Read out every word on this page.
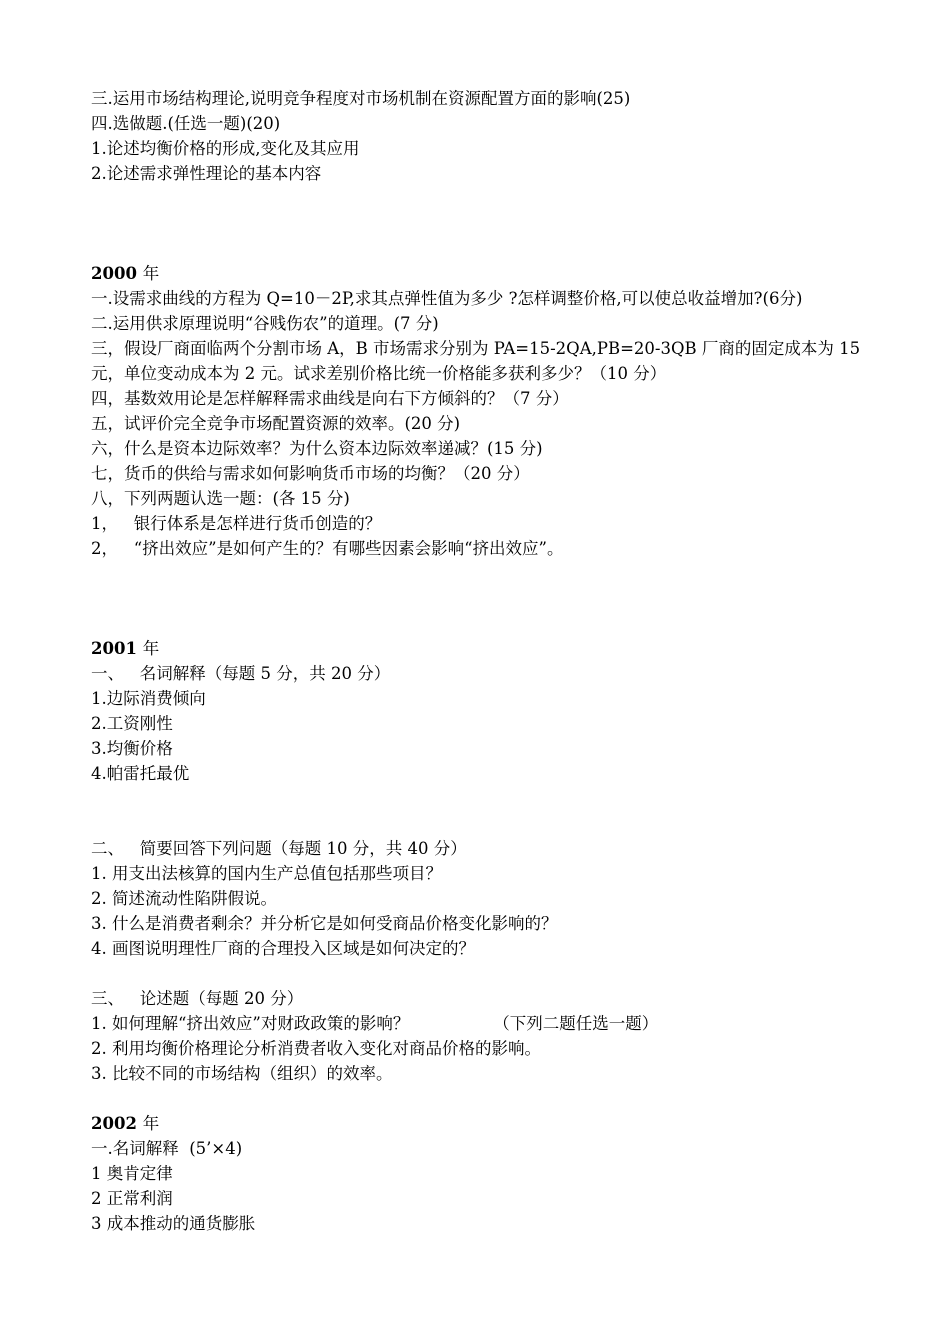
三.运用市场结构理论,说明竞争程度对市场机制在资源配置方面的影响(25)
四.选做题.(任选一题)(20)
1.论述均衡价格的形成,变化及其应用
2.论述需求弹性理论的基本内容
2000 年
一.设需求曲线的方程为 Q=10－2P,求其点弹性值为多少 ?怎样调整价格,可以使总收益增加?(6分)
二.运用供求原理说明“谷贱伤农”的道理。(7 分)
三，假设厂商面临两个分割市场 A，B 市场需求分别为 PA=15-2QA,PB=20-3QB 厂商的固定成本为 15 元，单位变动成本为 2 元。试求差别价格比统一价格能多获利多少？（10 分）
四，基数效用论是怎样解释需求曲线是向右下方倾斜的？（7 分）
五，试评价完全竞争市场配置资源的效率。(20 分)
六，什么是资本边际效率？为什么资本边际效率递减？(15 分)
七，货币的供给与需求如何影响货币市场的均衡？（20 分）
八，下列两题认选一题：(各 15 分)
1，   银行体系是怎样进行货币创造的？
2，   “挤出效应”是如何产生的？有哪些因素会影响“挤出效应”。
2001 年
一、   名词解释（每题 5 分，共 20 分）
1.边际消费倾向
2.工资刚性
3.均衡价格
4.帕雷托最优
二、   简要回答下列问题（每题 10 分，共 40 分）
1. 用支出法核算的国内生产总值包括那些项目？
2. 简述流动性陷阱假说。
3. 什么是消费者剩余？并分析它是如何受商品价格变化影响的？
4. 画图说明理性厂商的合理投入区域是如何决定的？
三、   论述题（每题 20 分）
1. 如何理解“挤出效应”对财政政策的影响？                （下列二题任选一题）
2. 利用均衡价格理论分析消费者收入变化对商品价格的影响。
3. 比较不同的市场结构（组织）的效率。
2002 年
一.名词解释  (5’×4)
1 奥肯定律
2 正常利润
3 成本推动的通货膨胀
